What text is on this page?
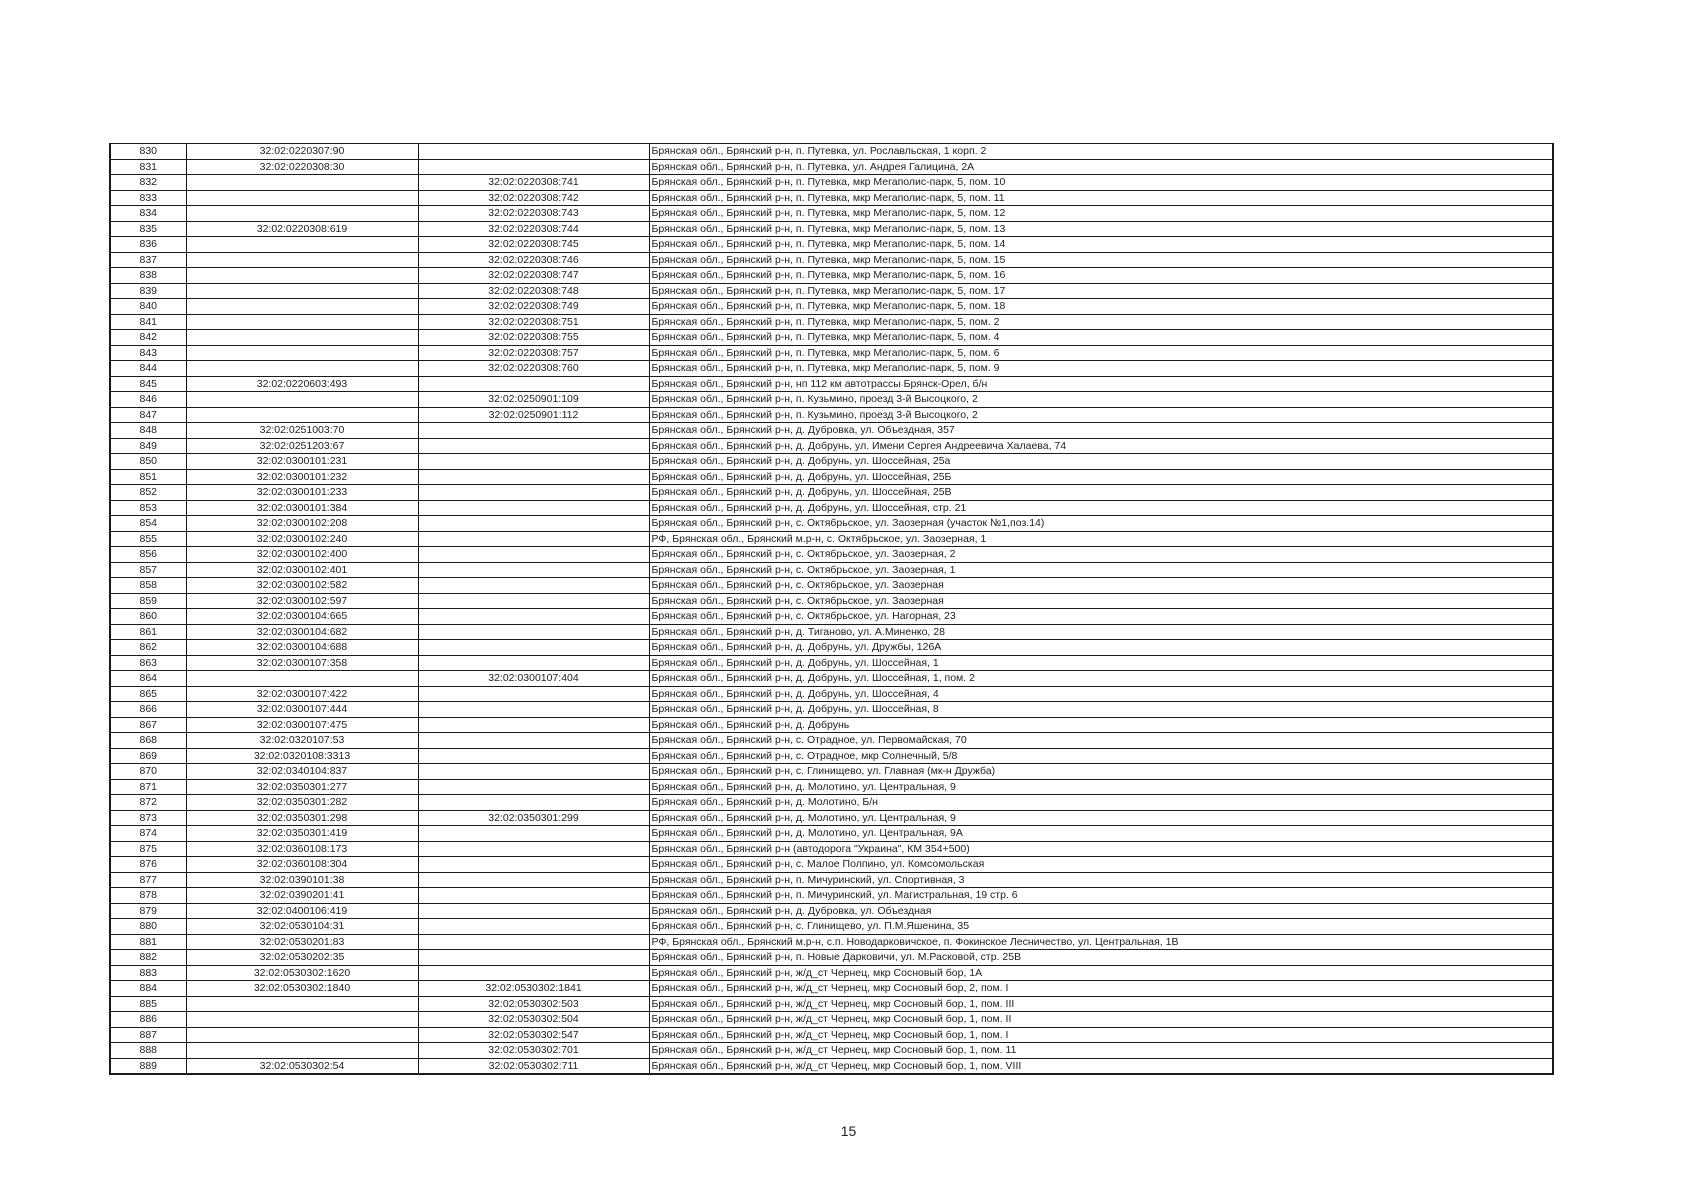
830	32:02:0220307:90		Брянская обл., Брянский р-н, п. Путевка, ул. Рославльская, 1 корп. 2
831	32:02:0220308:30		Брянская обл., Брянский р-н, п. Путевка, ул. Андрея Галицина, 2А
832		32:02:0220308:741	Брянская обл., Брянский р-н, п. Путевка, мкр Мегаполис-парк, 5, пом. 10
833		32:02:0220308:742	Брянская обл., Брянский р-н, п. Путевка, мкр Мегаполис-парк, 5, пом. 11
834		32:02:0220308:743	Брянская обл., Брянский р-н, п. Путевка, мкр Мегаполис-парк, 5, пом. 12
835	32:02:0220308:619	32:02:0220308:744	Брянская обл., Брянский р-н, п. Путевка, мкр Мегаполис-парк, 5, пом. 13
836		32:02:0220308:745	Брянская обл., Брянский р-н, п. Путевка, мкр Мегаполис-парк, 5, пом. 14
837		32:02:0220308:746	Брянская обл., Брянский р-н, п. Путевка, мкр Мегаполис-парк, 5, пом. 15
838		32:02:0220308:747	Брянская обл., Брянский р-н, п. Путевка, мкр Мегаполис-парк, 5, пом. 16
839		32:02:0220308:748	Брянская обл., Брянский р-н, п. Путевка, мкр Мегаполис-парк, 5, пом. 17
840		32:02:0220308:749	Брянская обл., Брянский р-н, п. Путевка, мкр Мегаполис-парк, 5, пом. 18
841		32:02:0220308:751	Брянская обл., Брянский р-н, п. Путевка, мкр Мегаполис-парк, 5, пом. 2
842		32:02:0220308:755	Брянская обл., Брянский р-н, п. Путевка, мкр Мегаполис-парк, 5, пом. 4
843		32:02:0220308:757	Брянская обл., Брянский р-н, п. Путевка, мкр Мегаполис-парк, 5, пом. 6
844		32:02:0220308:760	Брянская обл., Брянский р-н, п. Путевка, мкр Мегаполис-парк, 5, пом. 9
845	32:02:0220603:493		Брянская обл., Брянский р-н, нп 112 км автотрассы Брянск-Орел, б/н
846		32:02:0250901:109	Брянская обл., Брянский р-н, п. Кузьмино, проезд 3-й Высоцкого, 2
847		32:02:0250901:112	Брянская обл., Брянский р-н, п. Кузьмино, проезд 3-й Высоцкого, 2
848	32:02:0251003:70		Брянская обл., Брянский р-н, д. Дубровка, ул. Объездная, 357
849	32:02:0251203:67		Брянская обл., Брянский р-н, д. Добрунь, ул. Имени Сергея Андреевича Халаева, 74
850	32:02:0300101:231		Брянская обл., Брянский р-н, д. Добрунь, ул. Шоссейная, 25а
851	32:02:0300101:232		Брянская обл., Брянский р-н, д. Добрунь, ул. Шоссейная, 25Б
852	32:02:0300101:233		Брянская обл., Брянский р-н, д. Добрунь, ул. Шоссейная, 25В
853	32:02:0300101:384		Брянская обл., Брянский р-н, д. Добрунь, ул. Шоссейная, стр. 21
854	32:02:0300102:208		Брянская обл., Брянский р-н, с. Октябрьское, ул. Заозерная (участок №1,поз.14)
855	32:02:0300102:240		РФ, Брянская обл., Брянский м.р-н, с. Октябрьское, ул. Заозерная, 1
856	32:02:0300102:400		Брянская обл., Брянский р-н, с. Октябрьское, ул. Заозерная, 2
857	32:02:0300102:401		Брянская обл., Брянский р-н, с. Октябрьское, ул. Заозерная, 1
858	32:02:0300102:582		Брянская обл., Брянский р-н, с. Октябрьское, ул. Заозерная
859	32:02:0300102:597		Брянская обл., Брянский р-н, с. Октябрьское, ул. Заозерная
860	32:02:0300104:665		Брянская обл., Брянский р-н, с. Октябрьское, ул. Нагорная, 23
861	32:02:0300104:682		Брянская обл., Брянский р-н, д. Тиганово, ул. А.Миненко, 28
862	32:02:0300104:688		Брянская обл., Брянский р-н, д. Добрунь, ул. Дружбы, 126А
863	32:02:0300107:358		Брянская обл., Брянский р-н, д. Добрунь, ул. Шоссейная, 1
864		32:02:0300107:404	Брянская обл., Брянский р-н, д. Добрунь, ул. Шоссейная, 1, пом. 2
865	32:02:0300107:422		Брянская обл., Брянский р-н, д. Добрунь, ул. Шоссейная, 4
866	32:02:0300107:444		Брянская обл., Брянский р-н, д. Добрунь, ул. Шоссейная, 8
867	32:02:0300107:475		Брянская обл., Брянский р-н, д. Добрунь
868	32:02:0320107:53		Брянская обл., Брянский р-н, с. Отрадное, ул. Первомайская, 70
869	32:02:0320108:3313		Брянская обл., Брянский р-н, с. Отрадное, мкр Солнечный, 5/8
870	32:02:0340104:837		Брянская обл., Брянский р-н, с. Глинищево, ул. Главная (мк-н Дружба)
871	32:02:0350301:277		Брянская обл., Брянский р-н, д. Молотино, ул. Центральная, 9
872	32:02:0350301:282		Брянская обл., Брянский р-н, д. Молотино, Б/н
873	32:02:0350301:298	32:02:0350301:299	Брянская обл., Брянский р-н, д. Молотино, ул. Центральная, 9
874	32:02:0350301:419		Брянская обл., Брянский р-н, д. Молотино, ул. Центральная, 9А
875	32:02:0360108:173		Брянская обл., Брянский р-н (автодорога "Украина", КМ 354+500)
876	32:02:0360108:304		Брянская обл., Брянский р-н, с. Малое Полпино, ул. Комсомольская
877	32:02:0390101:38		Брянская обл., Брянский р-н, п. Мичуринский, ул. Спортивная, 3
878	32:02:0390201:41		Брянская обл., Брянский р-н, п. Мичуринский, ул. Магистральная, 19 стр. 6
879	32:02:0400106:419		Брянская обл., Брянский р-н, д. Дубровка, ул. Объездная
880	32:02:0530104:31		Брянская обл., Брянский р-н, с. Глинищево, ул. П.М.Яшенина, 35
881	32:02:0530201:83		РФ, Брянская обл., Брянский м.р-н, с.п. Новодарковичское, п. Фокинское Лесничество, ул. Центральная, 1В
882	32:02:0530202:35		Брянская обл., Брянский р-н, п. Новые Дарковичи, ул. М.Расковой, стр. 25В
883	32:02:0530302:1620		Брянская обл., Брянский р-н, ж/д_ст Чернец, мкр Сосновый бор, 1А
884	32:02:0530302:1840	32:02:0530302:1841	Брянская обл., Брянский р-н, ж/д_ст Чернец, мкр Сосновый бор, 2, пом. I
885		32:02:0530302:503	Брянская обл., Брянский р-н, ж/д_ст Чернец, мкр Сосновый бор, 1, пом. III
886		32:02:0530302:504	Брянская обл., Брянский р-н, ж/д_ст Чернец, мкр Сосновый бор, 1, пом. II
887		32:02:0530302:547	Брянская обл., Брянский р-н, ж/д_ст Чернец, мкр Сосновый бор, 1, пом. I
888		32:02:0530302:701	Брянская обл., Брянский р-н, ж/д_ст Чернец, мкр Сосновый бор, 1, пом. 11
889	32:02:0530302:54	32:02:0530302:711	Брянская обл., Брянский р-н, ж/д_ст Чернец, мкр Сосновый бор, 1, пом. VIII
15
